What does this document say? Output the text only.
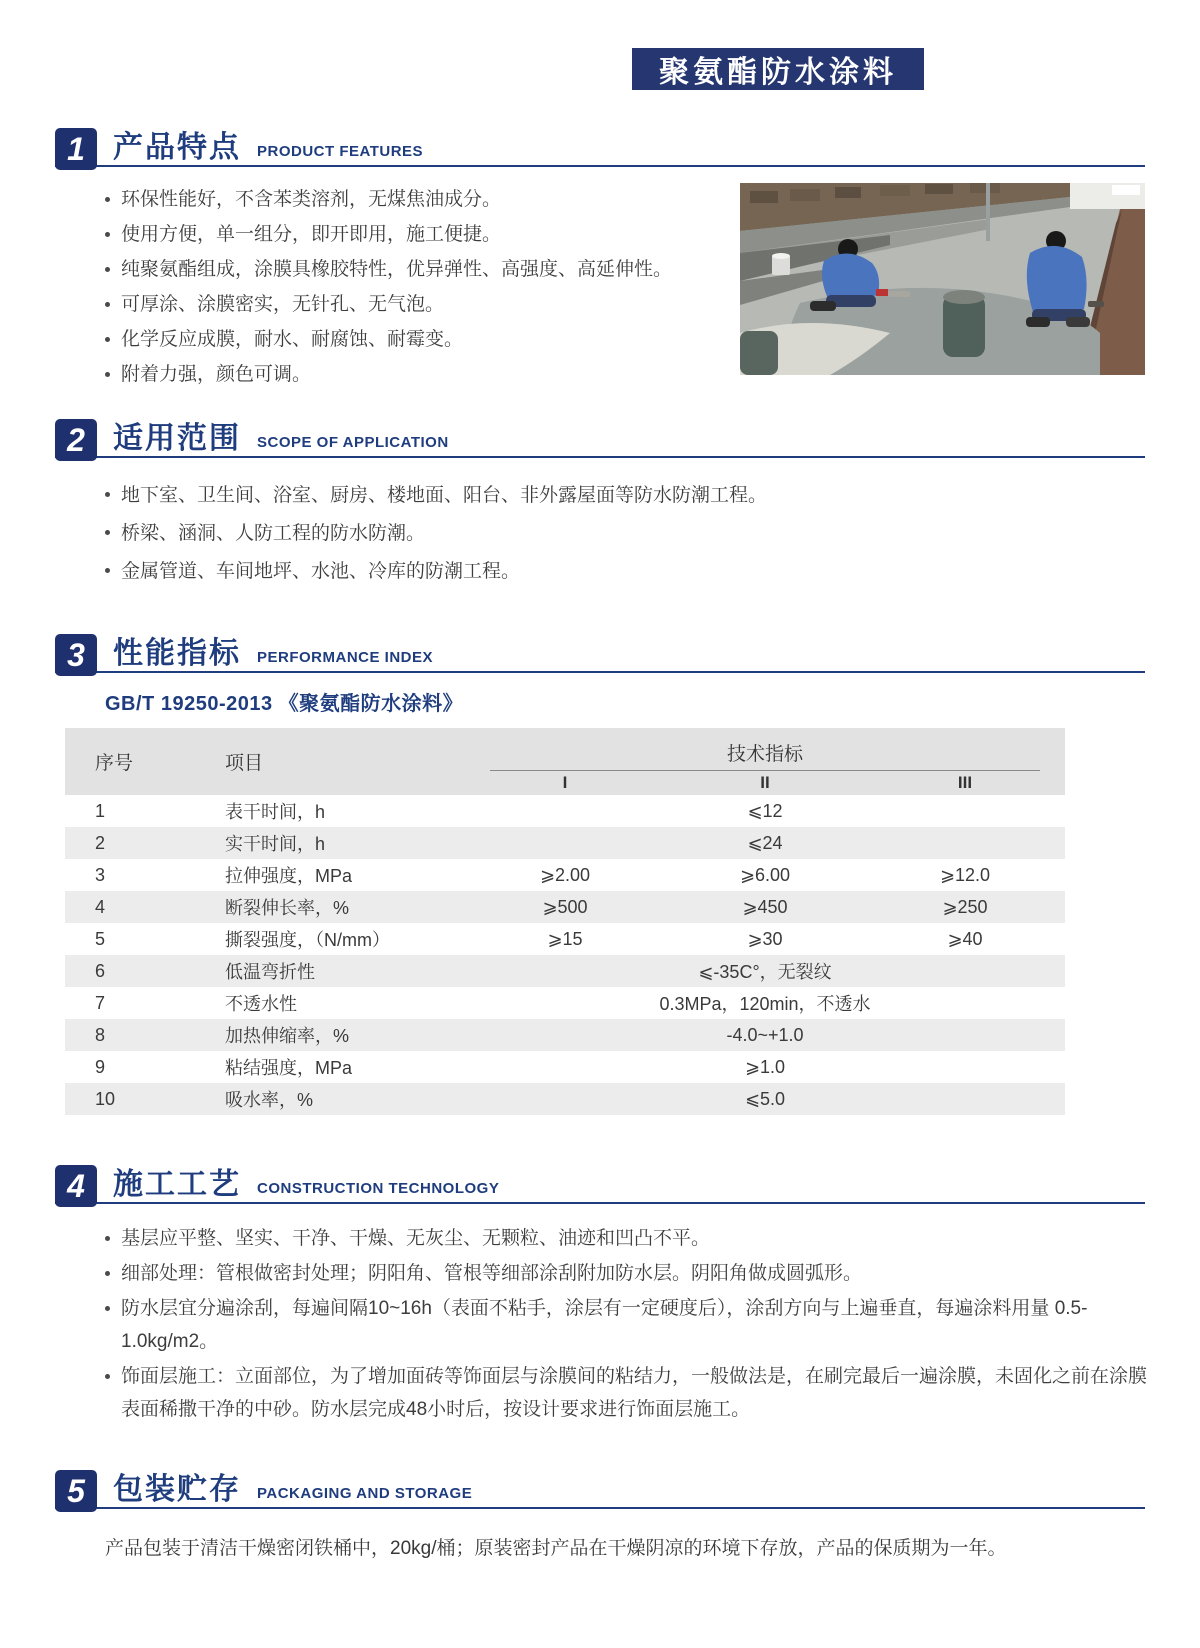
聚氨酯防水涂料
1 产品特点 PRODUCT FEATURES
环保性能好，不含苯类溶剂，无煤焦油成分。
使用方便，单一组分，即开即用，施工便捷。
纯聚氨酯组成，涂膜具橡胶特性，优异弹性、高强度、高延伸性。
可厚涂、涂膜密实，无针孔、无气泡。
化学反应成膜，耐水、耐腐蚀、耐霉变。
附着力强，颜色可调。
2 适用范围 SCOPE OF APPLICATION
地下室、卫生间、浴室、厨房、楼地面、阳台、非外露屋面等防水防潮工程。
桥梁、涵洞、人防工程的防水防潮。
金属管道、车间地坪、水池、冷库的防潮工程。
3 性能指标 PERFORMANCE INDEX
GB/T 19250-2013 《聚氨酯防水涂料》
序号	项目	技术指标
I	II	III
1	表干时间，h	⩽12
2	实干时间，h	⩽24
3	拉伸强度，MPa	⩾2.00	⩾6.00	⩾12.0
4	断裂伸长率，%	⩾500	⩾450	⩾250
5	撕裂强度，（N/mm）	⩾15	⩾30	⩾40
6	低温弯折性	⩽-35C°，无裂纹
7	不透水性	0.3MPa，120min，不透水
8	加热伸缩率，%	-4.0~+1.0
9	粘结强度，MPa	⩾1.0
10	吸水率，%	⩽5.0
4 施工工艺 CONSTRUCTION TECHNOLOGY
基层应平整、坚实、干净、干燥、无灰尘、无颗粒、油迹和凹凸不平。
细部处理：管根做密封处理；阴阳角、管根等细部涂刮附加防水层。阴阳角做成圆弧形。
防水层宜分遍涂刮，每遍间隔10~16h（表面不粘手，涂层有一定硬度后），涂刮方向与上遍垂直，每遍涂料用量 0.5-1.0kg/m2。
饰面层施工：立面部位，为了增加面砖等饰面层与涂膜间的粘结力，一般做法是，在刷完最后一遍涂膜，未固化之前在涂膜表面稀撒干净的中砂。防水层完成48小时后，按设计要求进行饰面层施工。
5 包装贮存 PACKAGING AND STORAGE
产品包装于清洁干燥密闭铁桶中，20kg/桶；原装密封产品在干燥阴凉的环境下存放，产品的保质期为一年。
